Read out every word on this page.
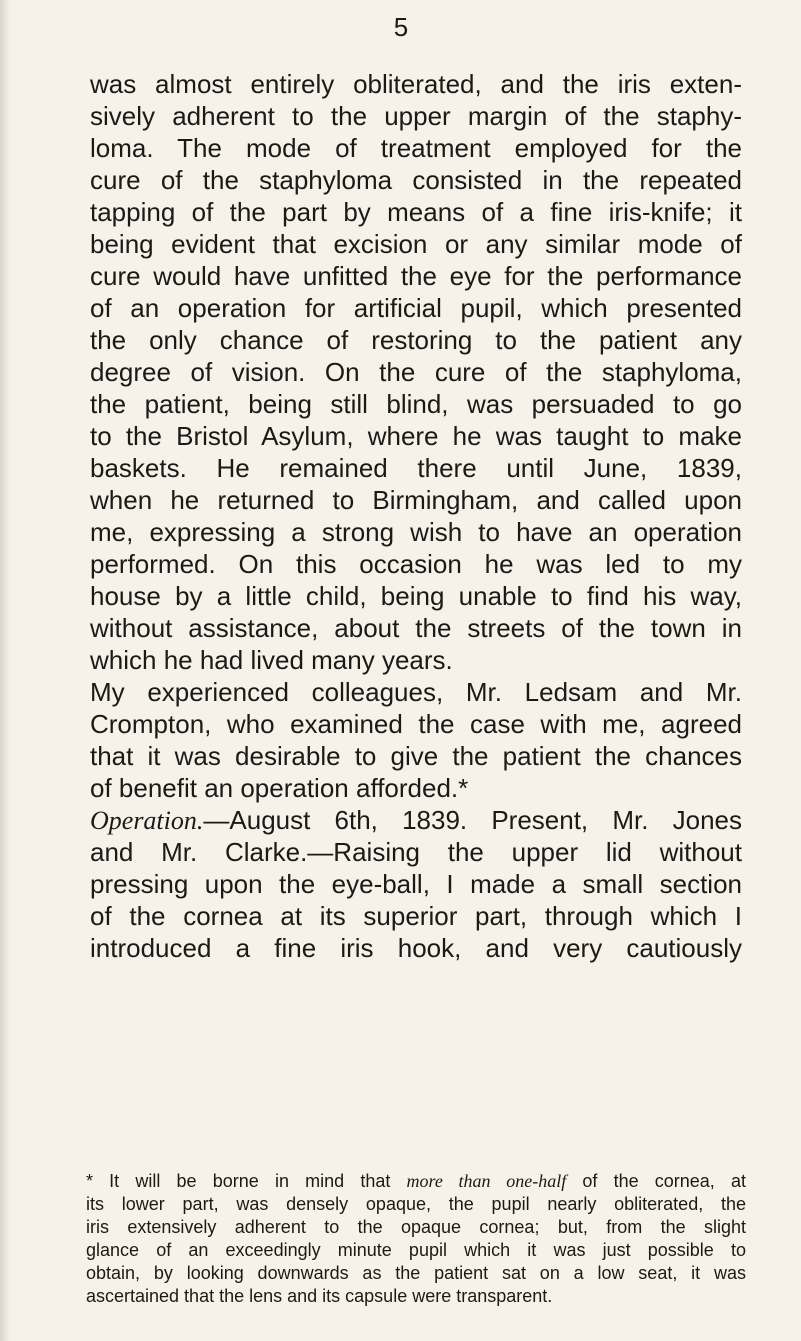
5
was almost entirely obliterated, and the iris exten-
sively adherent to the upper margin of the staphy-
loma. The mode of treatment employed for the
cure of the staphyloma consisted in the repeated
tapping of the part by means of a fine iris-knife; it
being evident that excision or any similar mode of
cure would have unfitted the eye for the performance
of an operation for artificial pupil, which presented
the only chance of restoring to the patient any
degree of vision. On the cure of the staphyloma,
the patient, being still blind, was persuaded to go
to the Bristol Asylum, where he was taught to make
baskets. He remained there until June, 1839,
when he returned to Birmingham, and called upon
me, expressing a strong wish to have an operation
performed. On this occasion he was led to my
house by a little child, being unable to find his way,
without assistance, about the streets of the town in
which he had lived many years.
My experienced colleagues, Mr. Ledsam and Mr.
Crompton, who examined the case with me, agreed
that it was desirable to give the patient the chances
of benefit an operation afforded.*
Operation.—August 6th, 1839. Present, Mr. Jones
and Mr. Clarke.—Raising the upper lid without
pressing upon the eye-ball, I made a small section
of the cornea at its superior part, through which I
introduced a fine iris hook, and very cautiously
* It will be borne in mind that more than one-half of the cornea, at
its lower part, was densely opaque, the pupil nearly obliterated, the
iris extensively adherent to the opaque cornea; but, from the slight
glance of an exceedingly minute pupil which it was just possible to
obtain, by looking downwards as the patient sat on a low seat, it was
ascertained that the lens and its capsule were transparent.
